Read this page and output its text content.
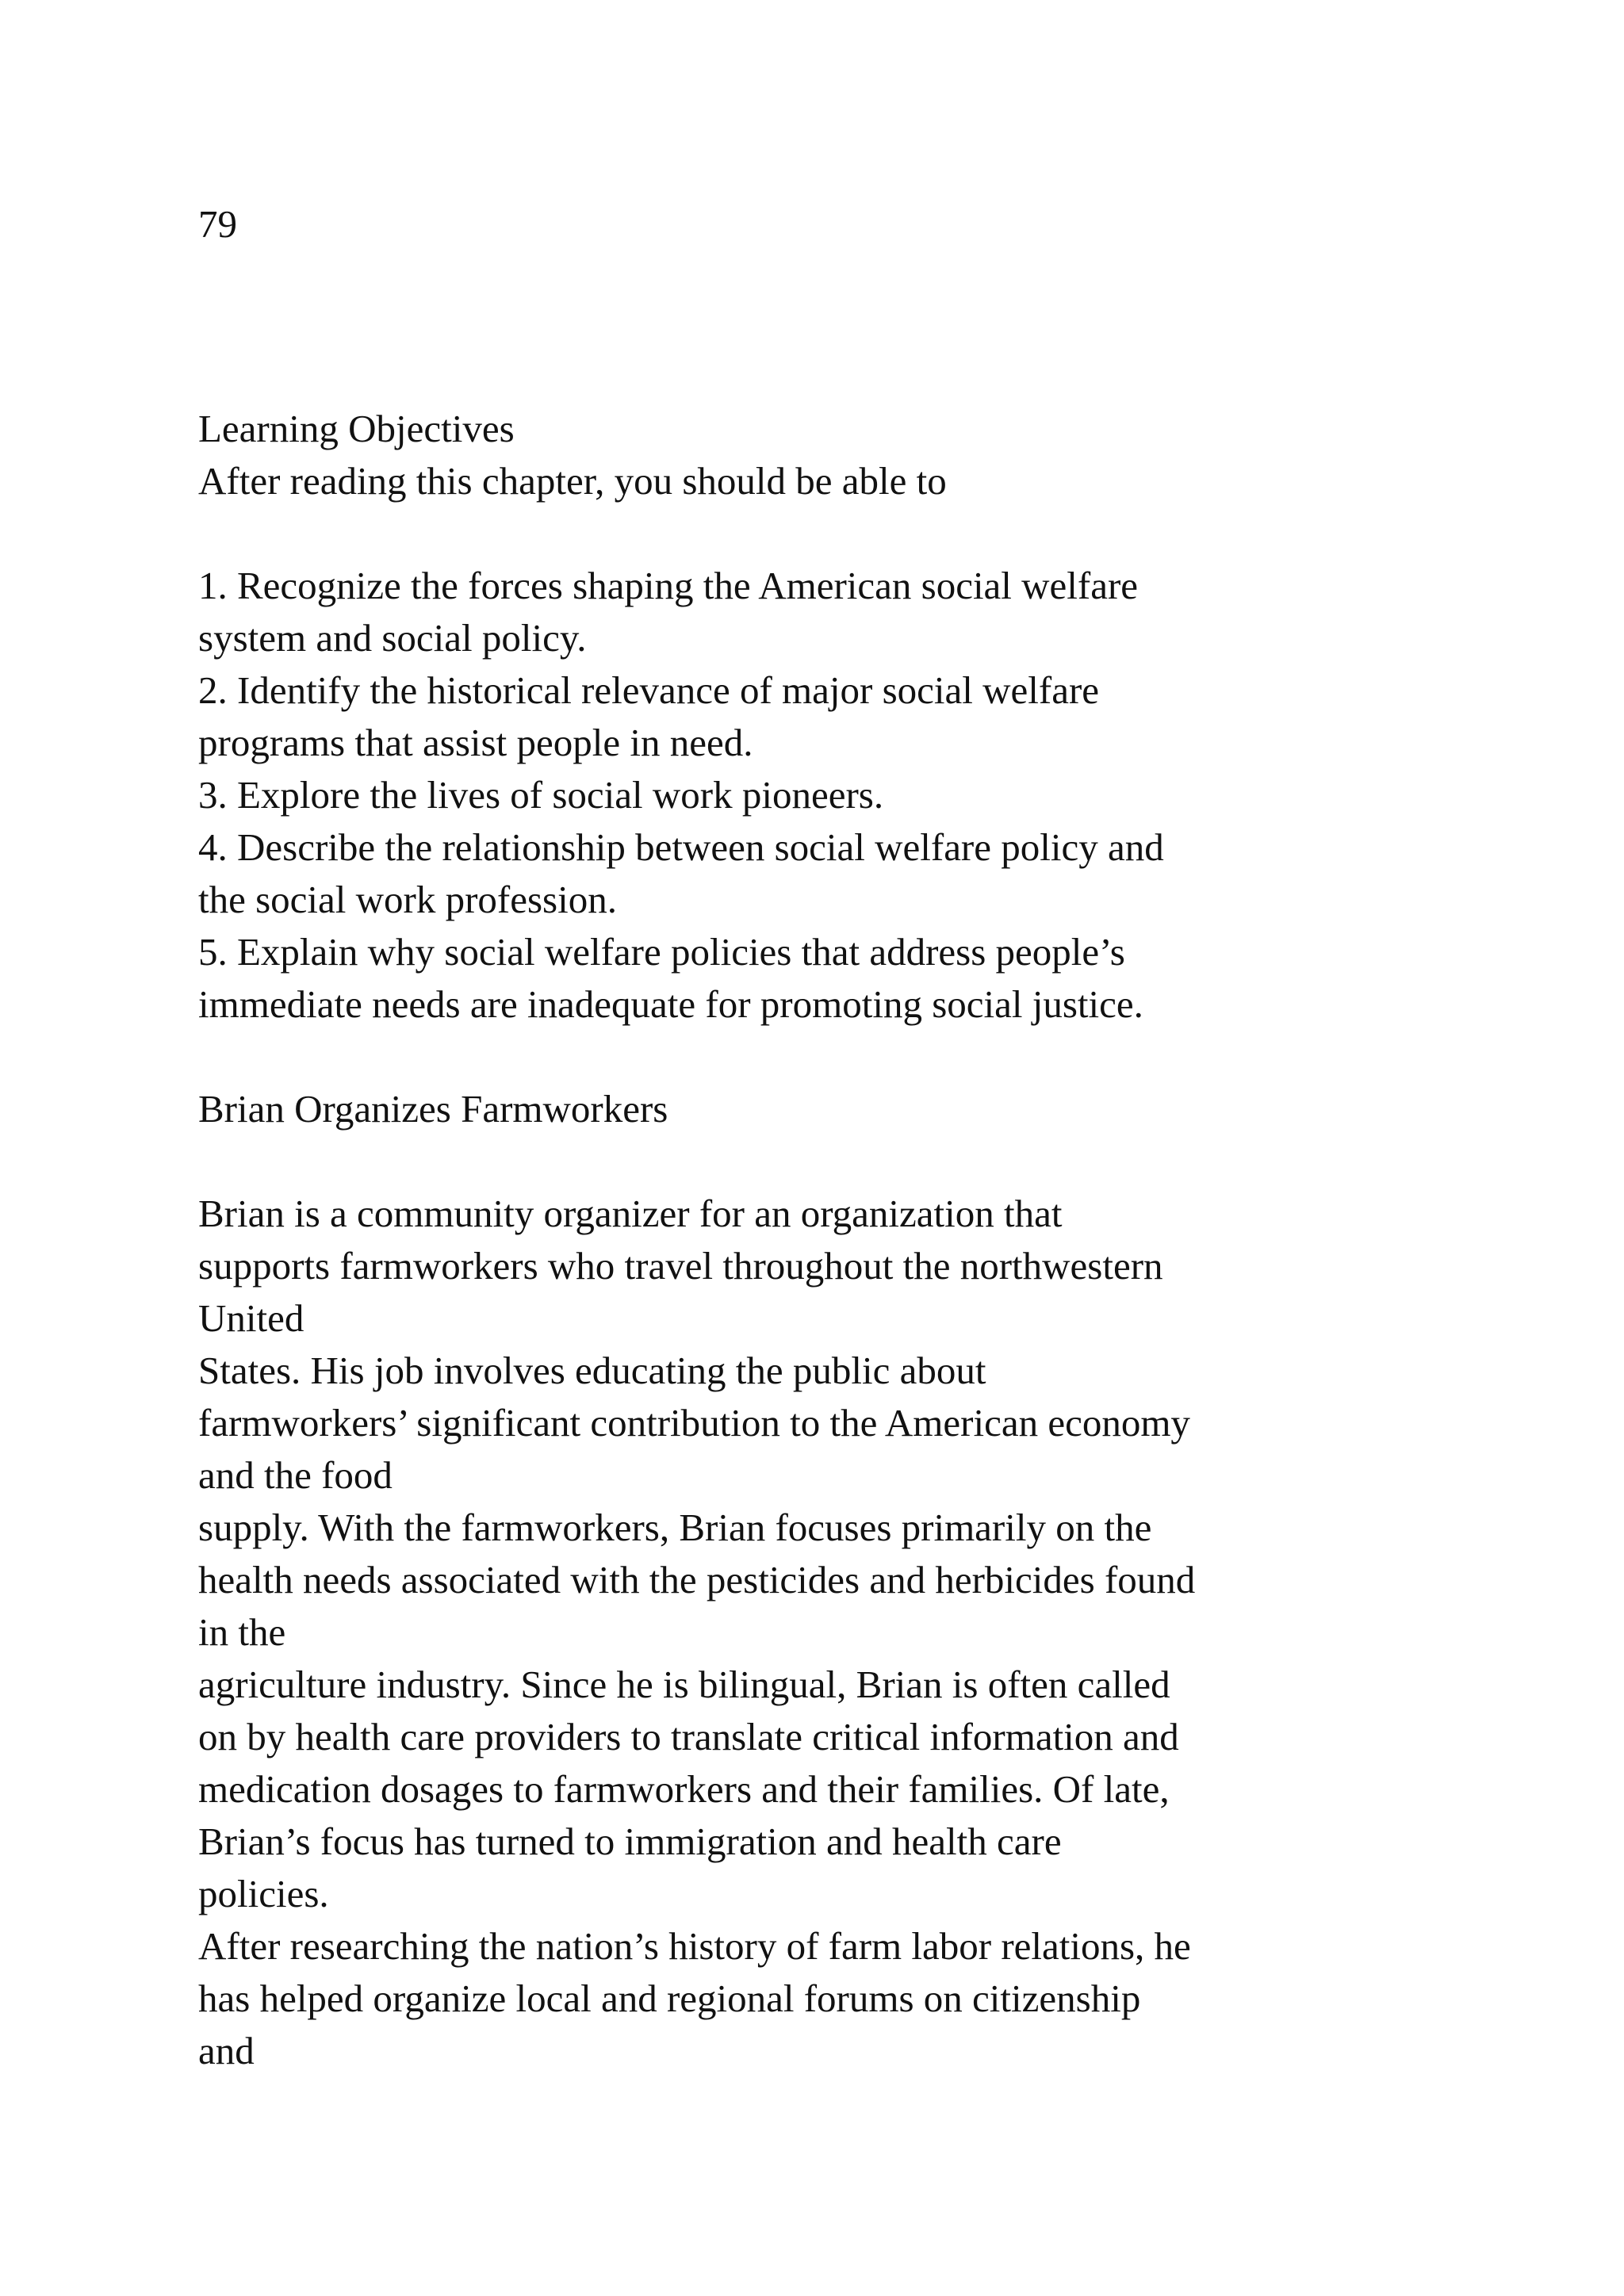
79
Learning Objectives

After reading this chapter, you should be able to

1. Recognize the forces shaping the American social welfare
system and social policy.
2. Identify the historical relevance of major social welfare
programs that assist people in need.
3. Explore the lives of social work pioneers.
4. Describe the relationship between social welfare policy and
the social work profession.
5. Explain why social welfare policies that address people’s
immediate needs are inadequate for promoting social justice.
Brian Organizes Farmworkers
Brian is a community organizer for an organization that
supports farmworkers who travel throughout the northwestern
United
States. His job involves educating the public about
farmworkers’ significant contribution to the American economy
and the food
supply. With the farmworkers, Brian focuses primarily on the
health needs associated with the pesticides and herbicides found
in the
agriculture industry. Since he is bilingual, Brian is often called
on by health care providers to translate critical information and
medication dosages to farmworkers and their families. Of late,
Brian’s focus has turned to immigration and health care
policies.
After researching the nation’s history of farm labor relations, he
has helped organize local and regional forums on citizenship
and
